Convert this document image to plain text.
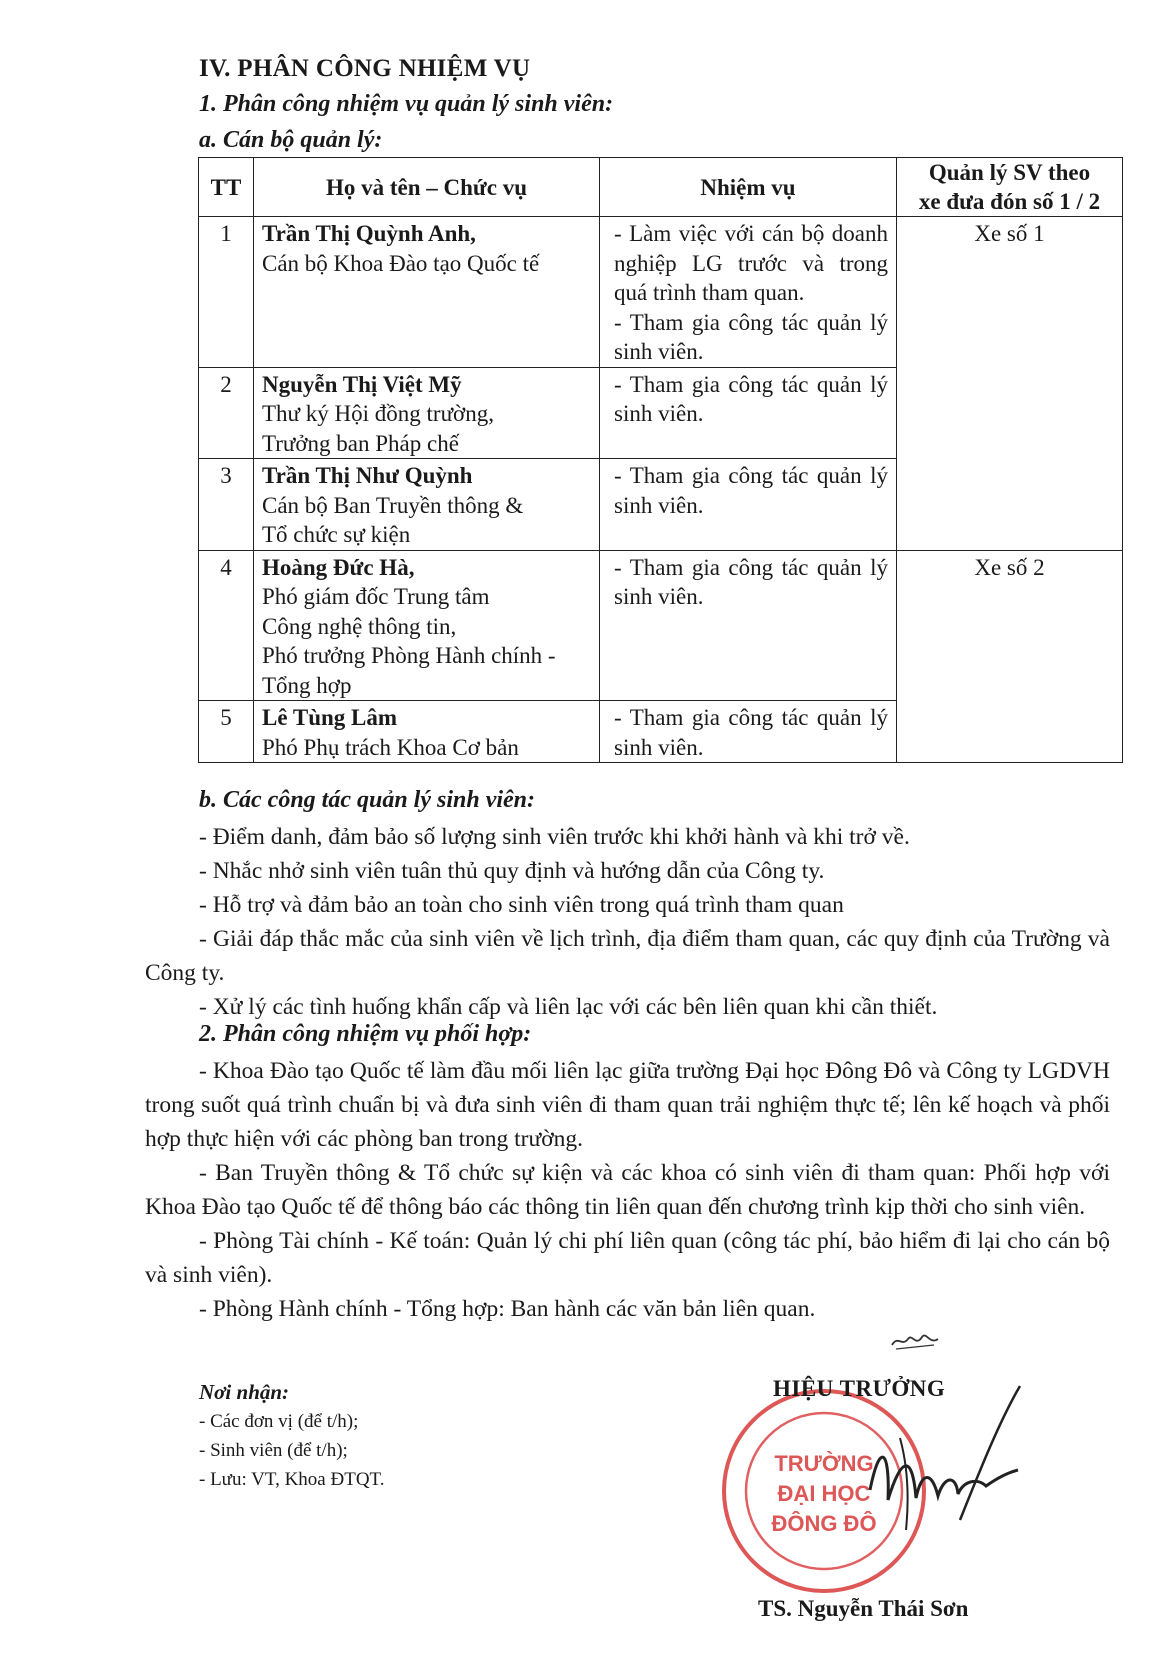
IV. PHÂN CÔNG NHIỆM VỤ
1. Phân công nhiệm vụ quản lý sinh viên:
a. Cán bộ quản lý:
TT	Họ và tên – Chức vụ	Nhiệm vụ	Quản lý SV theo
xe đưa đón số 1 / 2
1	Trần Thị Quỳnh Anh,
Cán bộ Khoa Đào tạo Quốc tế	- Làm việc với cán bộ doanh nghiệp LG trước và trong quá trình tham quan.
- Tham gia công tác quản lý sinh viên.	Xe số 1
2	Nguyễn Thị Việt Mỹ
Thư ký Hội đồng trường,
Trưởng ban Pháp chế	- Tham gia công tác quản lý sinh viên.	
3	Trần Thị Như Quỳnh
Cán bộ Ban Truyền thông &
Tổ chức sự kiện	- Tham gia công tác quản lý sinh viên.	
4	Hoàng Đức Hà,
Phó giám đốc Trung tâm
Công nghệ thông tin,
Phó trưởng Phòng Hành chính - Tổng hợp	- Tham gia công tác quản lý sinh viên.	Xe số 2
5	Lê Tùng Lâm
Phó Phụ trách Khoa Cơ bản	- Tham gia công tác quản lý sinh viên.	
b. Các công tác quản lý sinh viên:

- Điểm danh, đảm bảo số lượng sinh viên trước khi khởi hành và khi trở về.

- Nhắc nhở sinh viên tuân thủ quy định và hướng dẫn của Công ty.

- Hỗ trợ và đảm bảo an toàn cho sinh viên trong quá trình tham quan

- Giải đáp thắc mắc của sinh viên về lịch trình, địa điểm tham quan, các quy định của Trường và Công ty.

- Xử lý các tình huống khẩn cấp và liên lạc với các bên liên quan khi cần thiết.

2. Phân công nhiệm vụ phối hợp:

- Khoa Đào tạo Quốc tế làm đầu mối liên lạc giữa trường Đại học Đông Đô và Công ty LGDVH trong suốt quá trình chuẩn bị và đưa sinh viên đi tham quan trải nghiệm thực tế; lên kế hoạch và phối hợp thực hiện với các phòng ban trong trường.

- Ban Truyền thông & Tổ chức sự kiện và các khoa có sinh viên đi tham quan: Phối hợp với Khoa Đào tạo Quốc tế để thông báo các thông tin liên quan đến chương trình kịp thời cho sinh viên.

- Phòng Tài chính - Kế toán: Quản lý chi phí liên quan (công tác phí, bảo hiểm đi lại cho cán bộ và sinh viên).

- Phòng Hành chính - Tổng hợp: Ban hành các văn bản liên quan.

Nơi nhận:
- Các đơn vị (để t/h);
- Sinh viên (để t/h);
- Lưu: VT, Khoa ĐTQT.
TRƯỜNG
ĐẠI HỌC
ĐÔNG ĐÔ
HIỆU TRƯỞNG
TS. Nguyễn Thái Sơn
